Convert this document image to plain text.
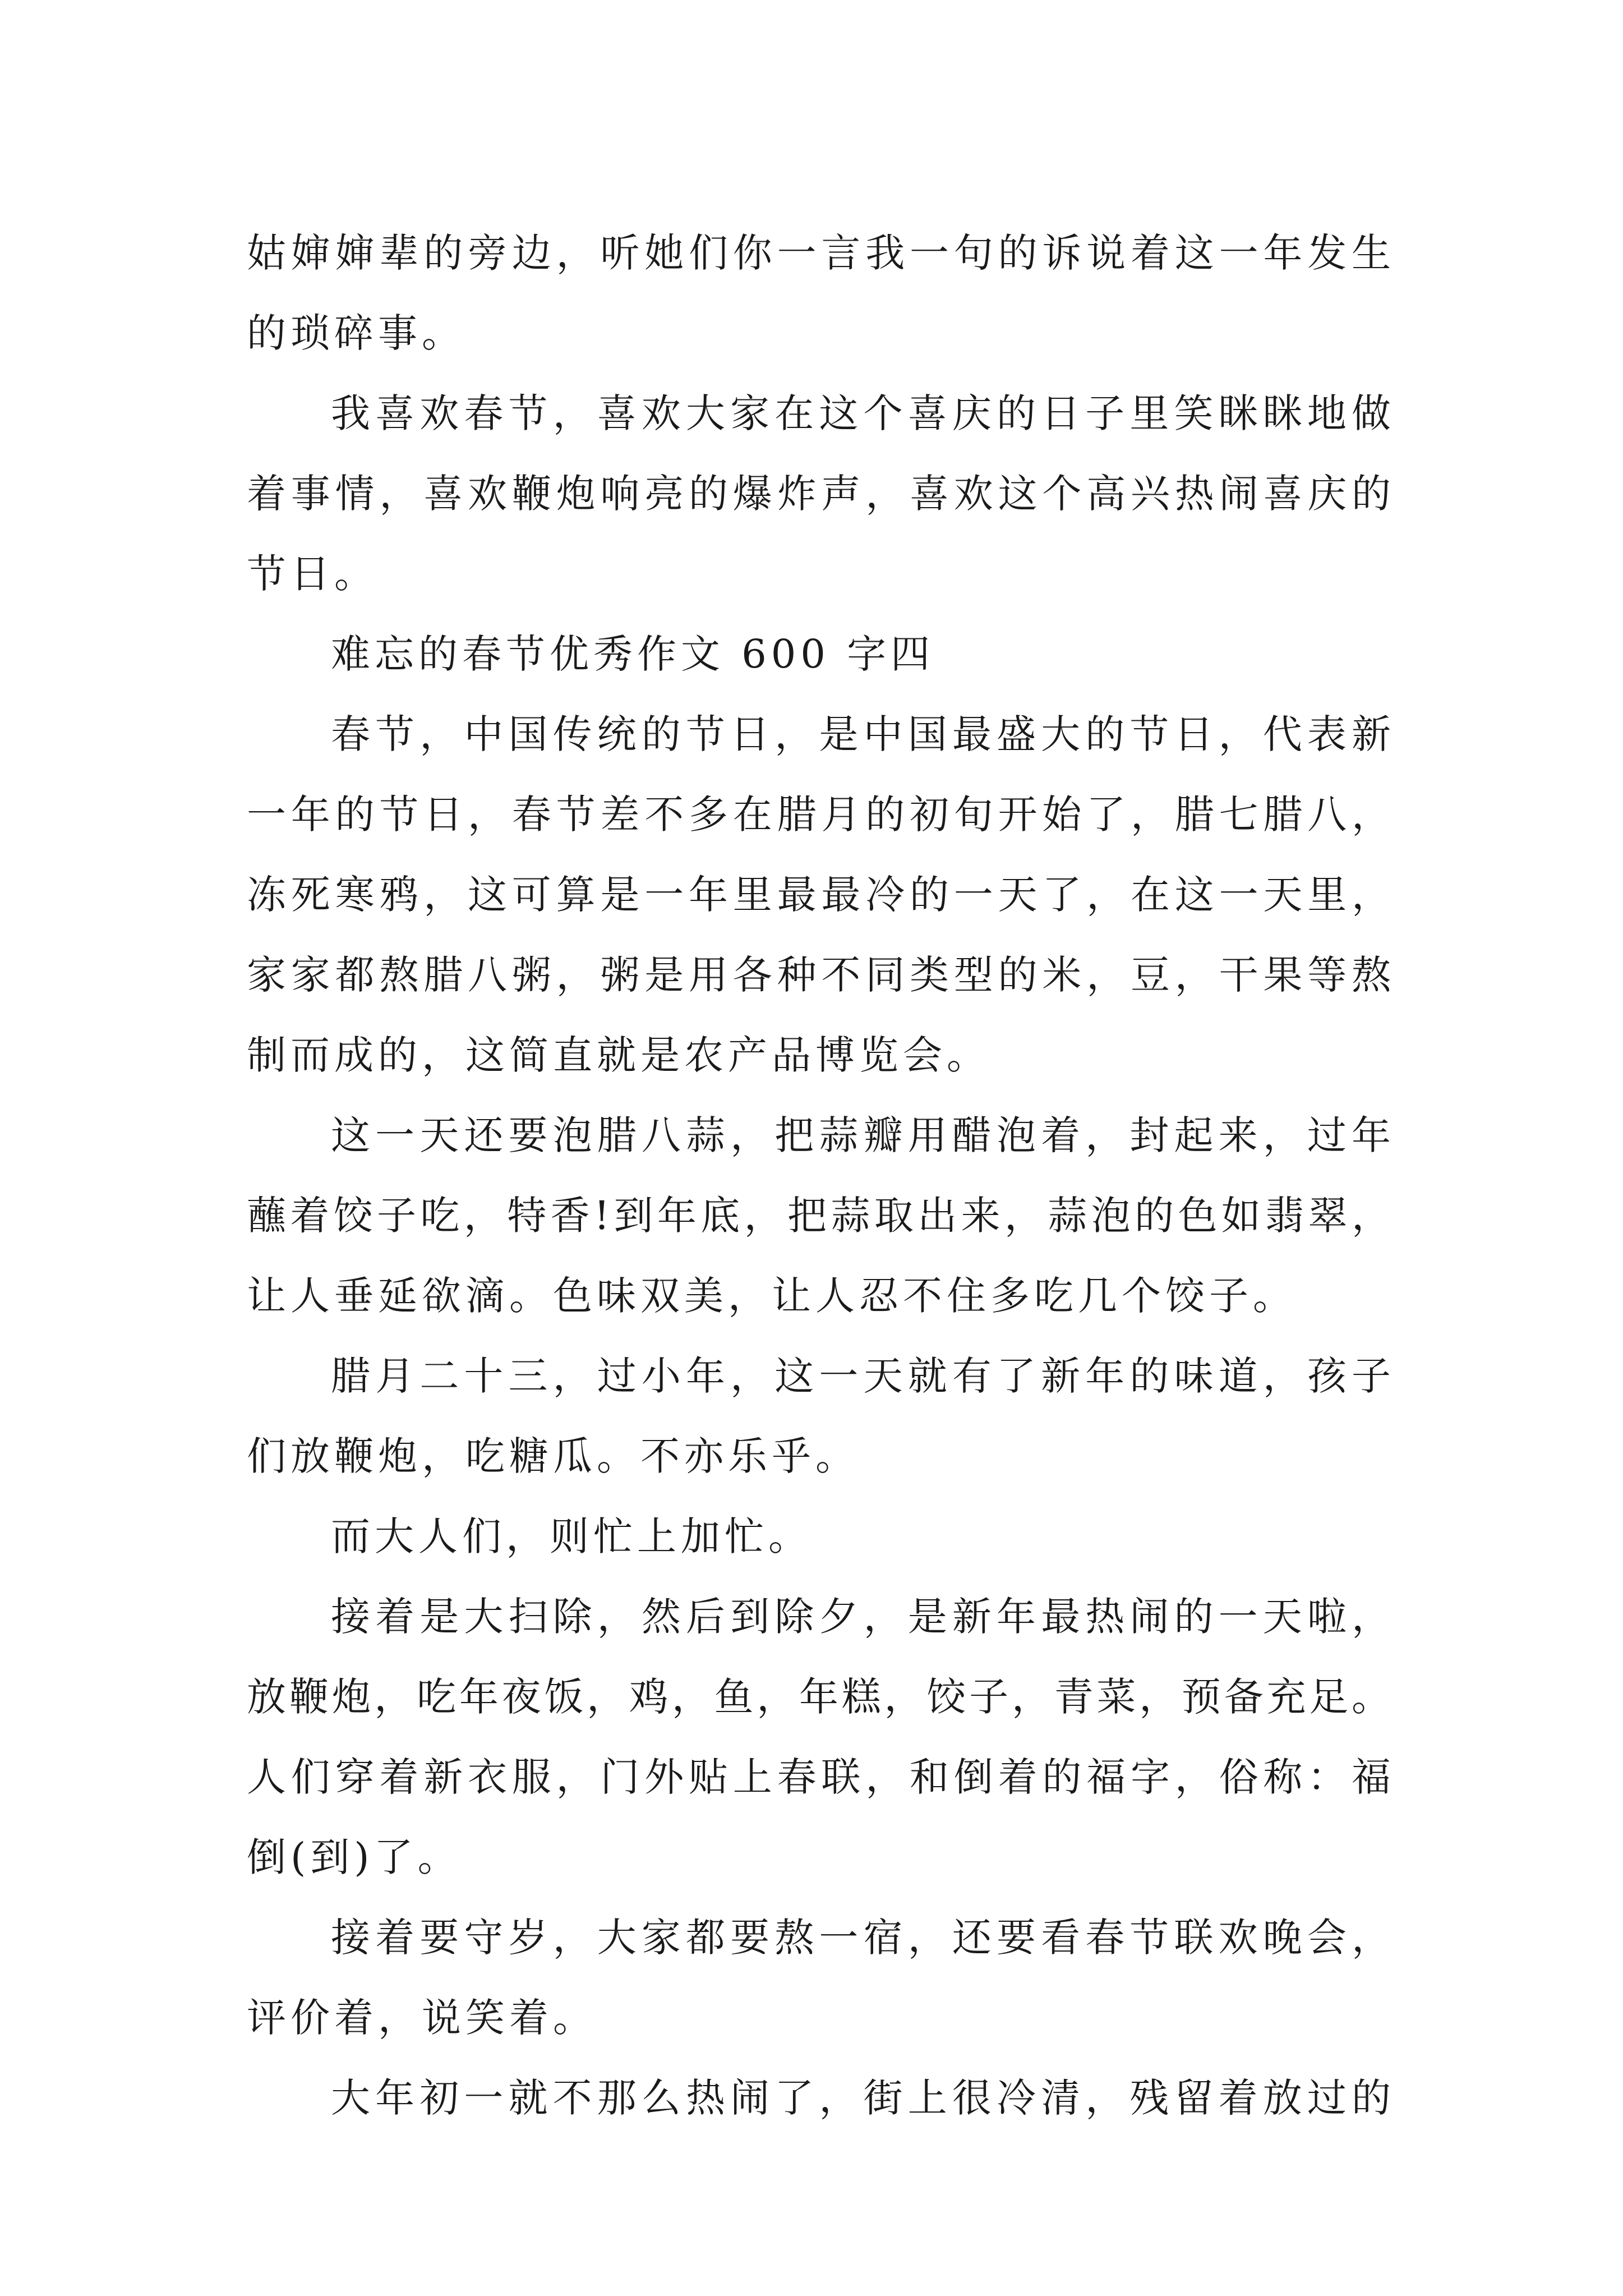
姑婶婶辈的旁边，听她们你一言我一句的诉说着这一年发生
的琐碎事。
我喜欢春节，喜欢大家在这个喜庆的日子里笑眯眯地做
着事情，喜欢鞭炮响亮的爆炸声，喜欢这个高兴热闹喜庆的
节日。
难忘的春节优秀作文 600 字四
春节，中国传统的节日，是中国最盛大的节日，代表新
一年的节日，春节差不多在腊月的初旬开始了，腊七腊八，
冻死寒鸦，这可算是一年里最最冷的一天了，在这一天里，
家家都熬腊八粥，粥是用各种不同类型的米，豆，干果等熬
制而成的，这简直就是农产品博览会。
这一天还要泡腊八蒜，把蒜瓣用醋泡着，封起来，过年
蘸着饺子吃，特香!到年底，把蒜取出来，蒜泡的色如翡翠，
让人垂延欲滴。色味双美，让人忍不住多吃几个饺子。
腊月二十三，过小年，这一天就有了新年的味道，孩子
们放鞭炮，吃糖瓜。不亦乐乎。
而大人们，则忙上加忙。
接着是大扫除，然后到除夕，是新年最热闹的一天啦，
放鞭炮，吃年夜饭，鸡，鱼，年糕，饺子，青菜，预备充足。
人们穿着新衣服，门外贴上春联，和倒着的福字，俗称：福
倒(到)了。
接着要守岁，大家都要熬一宿，还要看春节联欢晚会，
评价着，说笑着。
大年初一就不那么热闹了，街上很冷清，残留着放过的
